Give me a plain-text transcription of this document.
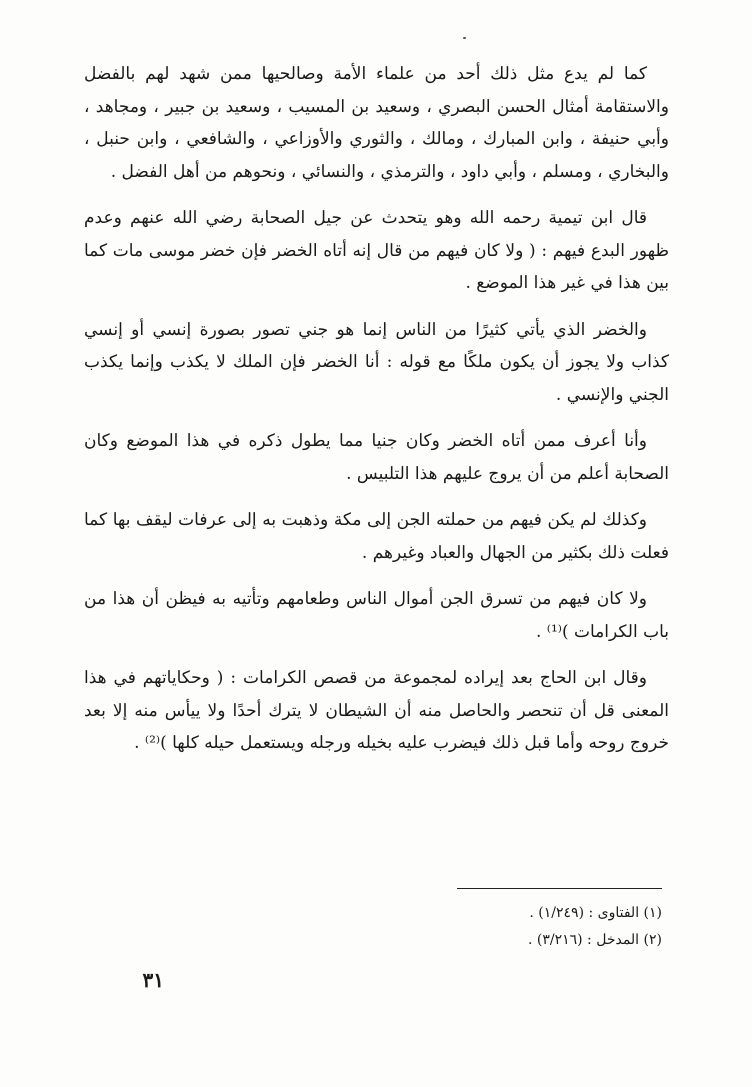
كما لم يدع مثل ذلك أحد من علماء الأمة وصالحيها ممن شهد لهم بالفضل والاستقامة أمثال الحسن البصري ، وسعيد بن المسيب ، وسعيد بن جبير ، ومجاهد ، وأبي حنيفة ، وابن المبارك ، ومالك ، والثوري والأوزاعي ، والشافعي ، وابن حنبل ، والبخاري ، ومسلم ، وأبي داود ، والترمذي ، والنسائي ، ونحوهم من أهل الفضل .

قال ابن تيمية رحمه الله وهو يتحدث عن جيل الصحابة رضي الله عنهم وعدم ظهور البدع فيهم : ( ولا كان فيهم من قال إنه أتاه الخضر فإن خضر موسى مات كما بين هذا في غير هذا الموضع .

والخضر الذي يأتي كثيرًا من الناس إنما هو جني تصور بصورة إنسي أو إنسي كذاب ولا يجوز أن يكون ملكًا مع قوله : أنا الخضر فإن الملك لا يكذب وإنما يكذب الجني والإنسي .

وأنا أعرف ممن أتاه الخضر وكان جنيا مما يطول ذكره في هذا الموضع وكان الصحابة أعلم من أن يروج عليهم هذا التلبيس .

وكذلك لم يكن فيهم من حملته الجن إلى مكة وذهبت به إلى عرفات ليقف بها كما فعلت ذلك بكثير من الجهال والعباد وغيرهم .

ولا كان فيهم من تسرق الجن أموال الناس وطعامهم وتأتيه به فيظن أن هذا من باب الكرامات )⁽¹⁾ .

وقال ابن الحاج بعد إيراده لمجموعة من قصص الكرامات : ( وحكاياتهم في هذا المعنى قل أن تنحصر والحاصل منه أن الشيطان لا يترك أحدًا ولا ييأس منه إلا بعد خروج روحه وأما قبل ذلك فيضرب عليه بخيله ورجله ويستعمل حيله كلها )⁽²⁾ .

(١) الفتاوى : (١/٢٤٩) .

(٢) المدخل : (٣/٢١٦) .

٣١
